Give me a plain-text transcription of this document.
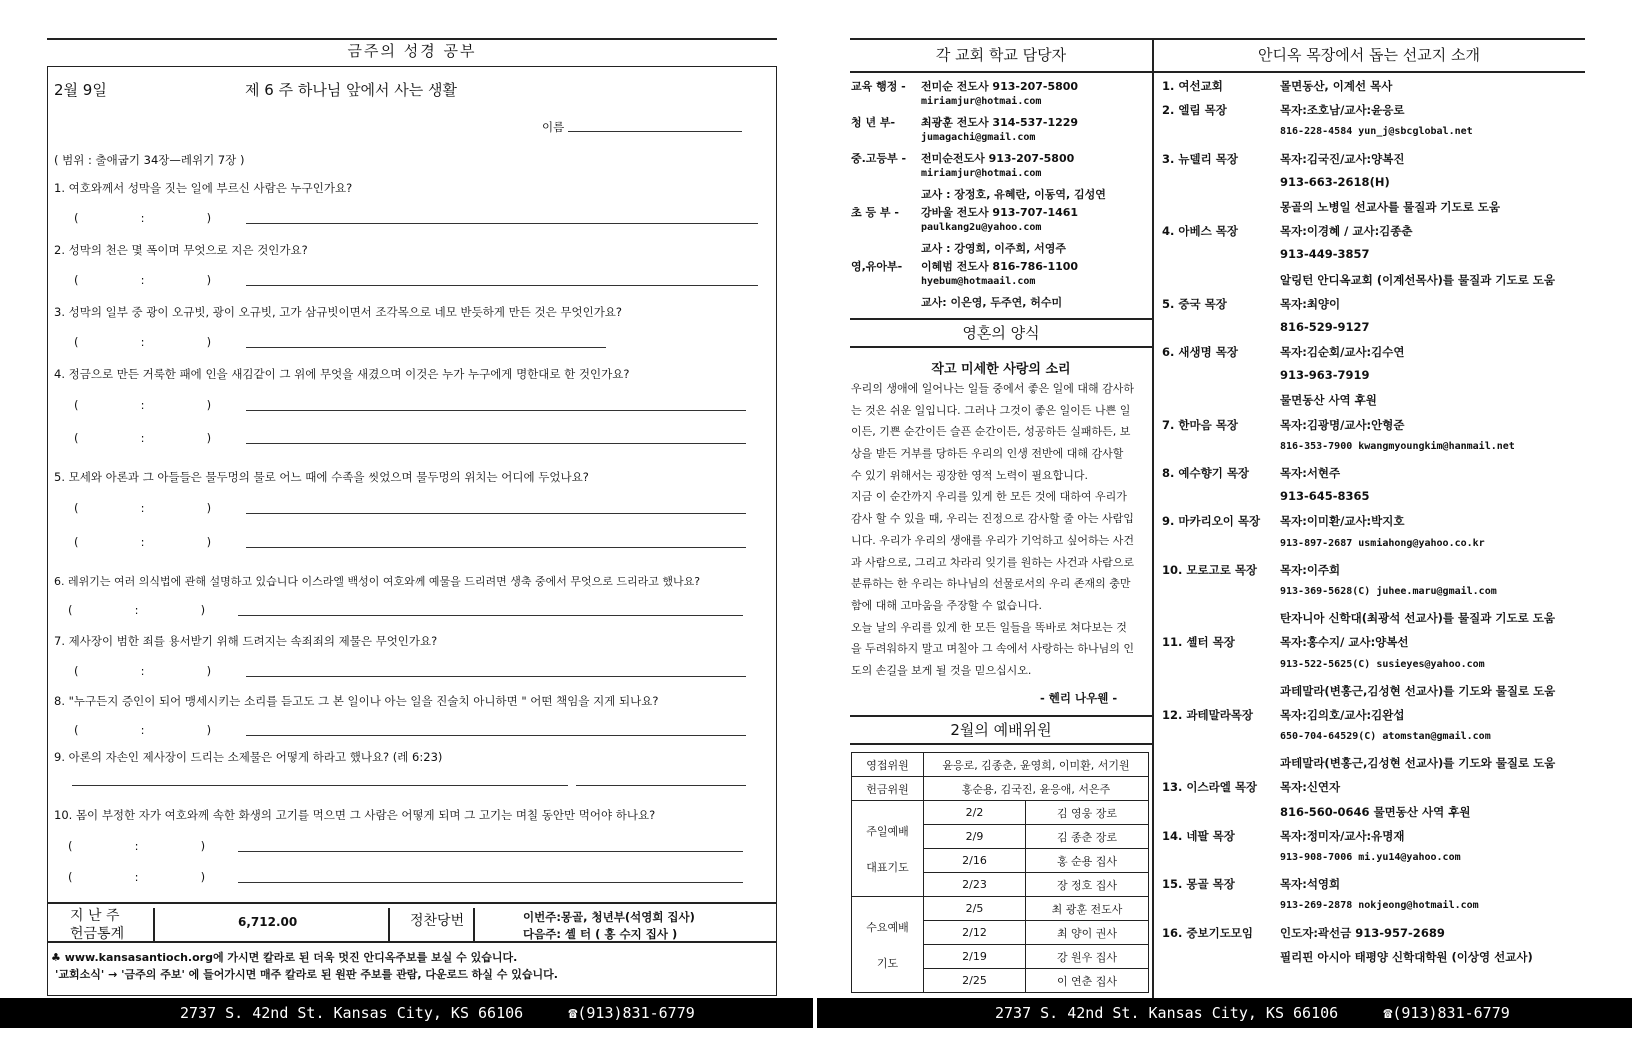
금주의 성경 공부
2월 9일	제 6 주 하나님 앞에서 사는 생활
이름
( 범위 : 출애굽기 34장—레위기 7장 )
1. 여호와께서 성막을 짓는 일에 부르신 사람은 누구인가요?
(                 :                 )
2. 성막의 천은 몇 폭이며 무엇으로 지은 것인가요?
(                 :                 )
3. 성막의 일부 중 광이 오규빗, 광이 오규빗, 고가 삼규빗이면서 조각목으로 네모 반듯하게 만든 것은 무엇인가요?
(                 :                 )
4. 정금으로 만든 거룩한 패에 인을 새김같이 그 위에 무엇을 새겼으며 이것은 누가 누구에게 명한대로 한 것인가요?
(                 :                 )
(                 :                 )
5. 모세와 아론과 그 아들들은 물두멍의 물로 어느 때에 수족을 씻었으며 물두멍의 위치는 어디에 두었나요?
(                 :                 )
(                 :                 )
6. 레위기는 여러 의식법에 관해 설명하고 있습니다 이스라엘 백성이 여호와께 예물을 드리려면 생축 중에서 무엇으로 드리라고 했나요?
(                 :                 )
7. 제사장이 범한 죄를 용서받기 위해 드려지는 속죄죄의 제물은 무엇인가요?
(                 :                 )
8. "누구든지 증인이 되어 맹세시키는 소리를 듣고도 그 본 일이나 아는 일을 진술치 아니하면 " 어떤 책임을 지게 되나요?
(                 :                 )
9. 아론의 자손인 제사장이 드리는 소제물은 어떻게 하라고 했나요? (레 6:23)
10. 몸이 부정한 자가 여호와께 속한 화생의 고기를 먹으면 그 사람은 어떻게 되며 그 고기는 며칠 동안만 먹어야 하나요?
(                 :                 )
(                 :                 )
지 난 주
헌금통계
6,712.00	정찬당번	이번주:몽골, 청년부(석영희 집사)
다음주: 셸 터 ( 홍 수지 집사 )
♣ www.kansasantioch.org에 가시면 칼라로 된 더욱 멋진 안디옥주보를 보실 수 있습니다.
'교회소식' → '금주의 주보' 에 들어가시면 매주 칼라로 된 원판 주보를 관람, 다운로드 하실 수 있습니다.
각 교회 학교 담당자	안디옥 목장에서 돕는 선교지 소개
교육 행정 -	전미순 전도사 913-207-5800
miriamjur@hotmai.com
청 년 부-	최광훈 전도사 314-537-1229
jumagachi@gmail.com
중.고등부 -	전미순전도사 913-207-5800
miriamjur@hotmai.com
교사 : 장정호, 유혜란, 이동역, 김성연
초 등 부 -	강바울 전도사 913-707-1461
paulkang2u@yahoo.com
교사 : 강영희, 이주희, 서영주
영,유아부-	이혜범 전도사 816-786-1100
hyebum@hotmaail.com
교사: 이은영, 두주연, 허수미
영혼의 양식
작고 미세한 사랑의 소리
우리의 생애에 일어나는 일들 중에서 좋은 일에 대해 감사하
는 것은 쉬운 일입니다. 그러나 그것이 좋은 일이든 나쁜 일
이든, 기쁜 순간이든 슬픈 순간이든, 성공하든 실패하든, 보
상을 받든 거부를 당하든 우리의 인생 전반에 대해 감사할
수 있기 위해서는 굉장한 영적 노력이 필요합니다.
지금 이 순간까지 우리를 있게 한 모든 것에 대하여 우리가
감사 할 수 있을 때, 우리는 진정으로 감사할 줄 아는 사람입
니다. 우리가 우리의 생애를 우리가 기억하고 싶어하는 사건
과 사람으로, 그리고 차라리 잊기를 원하는 사건과 사람으로
분류하는 한 우리는 하나님의 선물로서의 우리 존재의 충만
함에 대해 고마움을 주장할 수 없습니다.
오늘 날의 우리를 있게 한 모든 일들을 똑바로 쳐다보는 것
을 두려워하지 말고 며칠아 그 속에서 사랑하는 하나님의 인
도의 손길을 보게 될 것을 믿으십시오.
- 헨리 나우웬 -
2월의 예배위원
영접위원	윤응로, 김종춘, 윤영희, 이미환, 서기원	
헌금위원	홍순용, 김국진, 윤응애, 서은주	

주일예배
대표기도	2/2	김 영웅 장로
	2/9	김 종춘 장로
	2/16	홍 순용 집사
	2/23	장 정호 집사

수요예배
기도	2/5	최 광훈 전도사
	2/12	최 양이 권사
	2/19	강 원우 집사
	2/25	이 연춘 집사
1. 여선교회	몰면동산, 이계선 목사
2. 엘림 목장	목자:조호남/교사:윤응로
816-228-4584 yun_j@sbcglobal.net
3. 뉴델리 목장	목자:김국진/교사:양복진
913-663-2618(H)
몽골의 노병일 선교사를 물질과 기도로 도움
4. 아베스 목장	목자:이경혜 / 교사:김종춘
913-449-3857
알링턴 안디옥교회 (이계선목사)를 물질과 기도로 도움
5. 중국 목장	목자:최양이
816-529-9127
6. 새생명 목장	목자:김순회/교사:김수연
913-963-7919
물면동산 사역 후원
7. 한마음 목장	목자:김광명/교사:안형준
816-353-7900 kwangmyoungkim@hanmail.net
8. 예수향기 목장	목자:서현주
913-645-8365
9. 마카리오이 목장	목자:이미환/교사:박지호
913-897-2687 usmiahong@yahoo.co.kr
10. 모로고로 목장	목자:이주희
913-369-5628(C) juhee.maru@gmail.com
탄자니아 신학대(최광석 선교사)를 물질과 기도로 도움
11. 셸터 목장	목자:홍수지/ 교사:양복선
913-522-5625(C) susieyes@yahoo.com
과테말라(변홍근,김성현 선교사)를 기도와 물질로 도움
12. 과테말라목장	목자:김의호/교사:김완섭
650-704-64529(C) atomstan@gmail.com
과테말라(변홍근,김성현 선교사)를 기도와 물질로 도움
13. 이스라엘 목장	목자:신연자
816-560-0646 물면동산 사역 후원
14. 네팔 목장	목자:정미자/교사:유명재
913-908-7006 mi.yu14@yahoo.com
15. 몽골 목장	목자:석영희
913-269-2878 nokjeong@hotmail.com
16. 중보기도모임	인도자:곽선금 913-957-2689
필리핀 아시아 태평양 신학대학원 (이상영 선교사)
2737 S. 42nd St. Kansas City, KS 66106     ☎(913)831-6779	2737 S. 42nd St. Kansas City, KS 66106     ☎(913)831-6779
